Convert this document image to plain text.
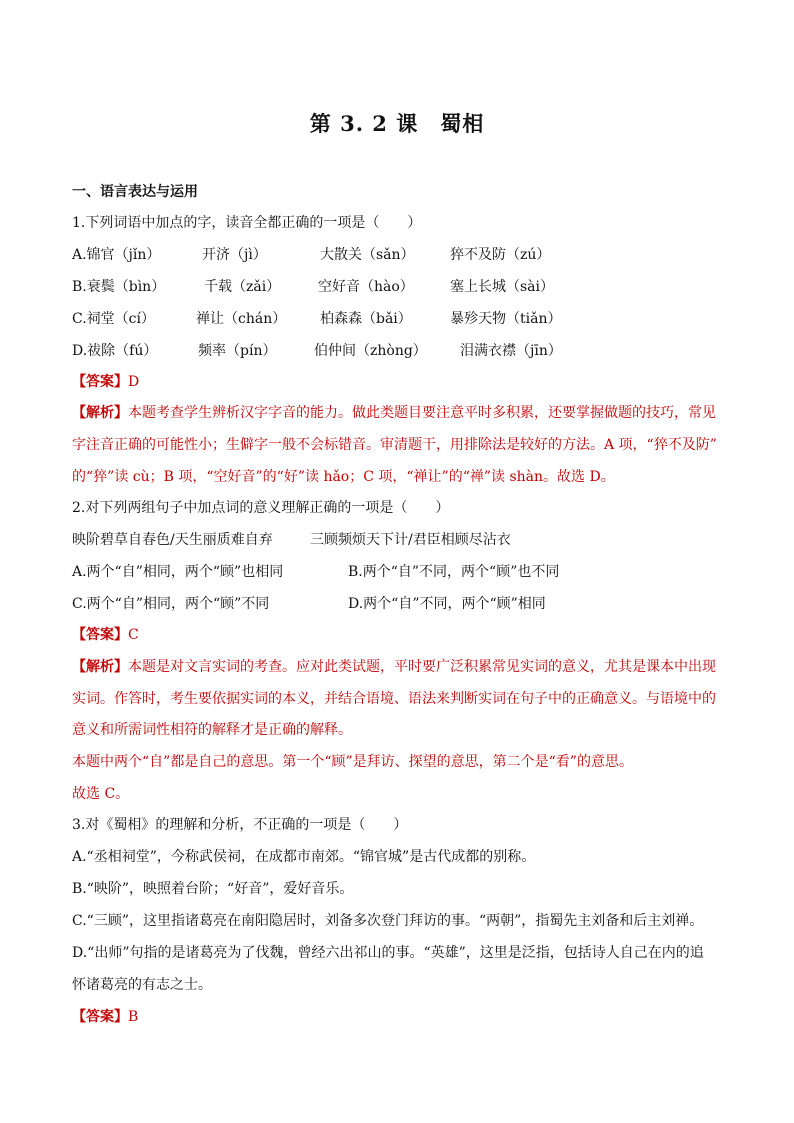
第 3. 2 课　蜀相
一、语言表达与运用
1.下列词语中加点的字，读音全都正确的一项是（　　）
A.锦官（jǐn）	开济（jì）	大散关（sǎn）	猝不及防（zú）
B.衰鬓（bìn）	千载（zǎi）	空好音（hào）	塞上长城（sài）
C.祠堂（cí）	禅让（chán） 柏森森（bǎi）	暴殄天物（tiǎn）
D.祓除（fú）	频率（pín）	伯仲间（zhòng） 泪满衣襟（jīn）
【答案】D
【解析】本题考查学生辨析汉字字音的能力。做此类题目要注意平时多积累，还要掌握做题的技巧，常见
字注音正确的可能性小；生僻字一般不会标错音。审清题干，用排除法是较好的方法。A 项，“猝不及防”
的“猝”读 cù；B 项，“空好音”的“好”读 hǎo；C 项，“禅让”的“禅”读 shàn。故选 D。
2.对下列两组句子中加点词的意义理解正确的一项是（　　）
映阶碧草自春色/天生丽质难自弃	三顾频烦天下计/君臣相顾尽沾衣
A.两个“自”相同，两个“顾”也相同	B.两个“自”不同，两个“顾”也不同
C.两个“自”相同，两个“顾”不同	D.两个“自”不同，两个“顾”相同
【答案】C
【解析】本题是对文言实词的考查。应对此类试题，平时要广泛积累常见实词的意义，尤其是课本中出现
实词。作答时，考生要依据实词的本义，并结合语境、语法来判断实词在句子中的正确意义。与语境中的
意义和所需词性相符的解释才是正确的解释。
本题中两个“自”都是自己的意思。第一个“顾”是拜访、探望的意思，第二个是“看”的意思。
故选 C。
3.对《蜀相》的理解和分析，不正确的一项是（　　）
A.“丞相祠堂”，今称武侯祠，在成都市南郊。“锦官城”是古代成都的别称。
B.“映阶”，映照着台阶；“好音”，爱好音乐。
C.“三顾”，这里指诸葛亮在南阳隐居时，刘备多次登门拜访的事。“两朝”，指蜀先主刘备和后主刘禅。
D.“出师”句指的是诸葛亮为了伐魏，曾经六出祁山的事。“英雄”，这里是泛指，包括诗人自己在内的追
怀诸葛亮的有志之士。
【答案】B
